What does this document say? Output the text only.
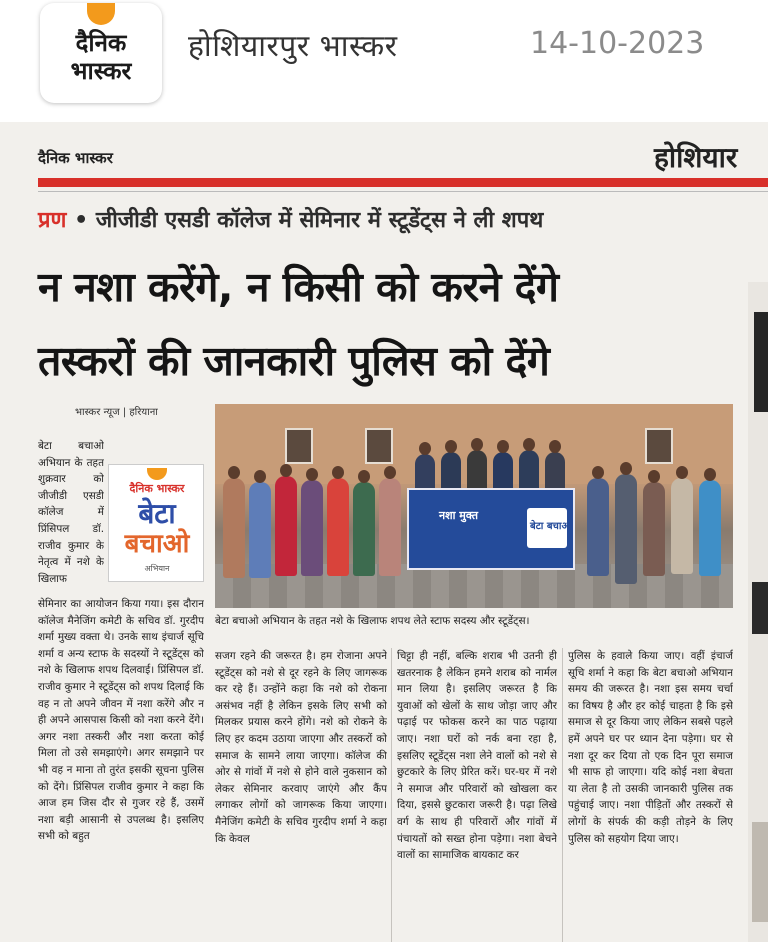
दैनिक
भास्कर
होशियारपुर भास्कर	14-10-2023
दैनिक भास्कर	होशियार
प्रण • जीजीडी एसडी कॉलेज में सेमिनार में स्टूडेंट्स ने ली शपथ
न नशा करेंगे, न किसी को करने देंगे
तस्करों की जानकारी पुलिस को देंगे
भास्कर न्यूज | हरियाना

बेटा बचाओ अभियान के तहत शुक्रवार को जीजीडी एसडी कॉलेज में प्रिंसिपल डॉ. राजीव कुमार के नेतृत्व में नशे के खिलाफ

दैनिक भास्कर
बेटा
बचाओ
अभियान

सेमिनार का आयोजन किया गया। इस दौरान कॉलेज मैनेजिंग कमेटी के सचिव डॉ. गुरदीप शर्मा मुख्य वक्ता थे। उनके साथ इंचार्ज सूचि शर्मा व अन्य स्टाफ के सदस्यों ने स्टूडेंट्स को नशे के खिलाफ शपथ दिलवाई। प्रिंसिपल डॉ. राजीव कुमार ने स्टूडेंट्स को शपथ दिलाई कि वह न तो अपने जीवन में नशा करेंगे और न ही अपने आसपास किसी को नशा करने देंगे। अगर नशा तस्करी और नशा करता कोई मिला तो उसे समझाएंगे। अगर समझाने पर भी वह न माना तो तुरंत इसकी सूचना पुलिस को देंगे। प्रिंसिपल राजीव कुमार ने कहा कि आज हम जिस दौर से गुजर रहे हैं, उसमें नशा बड़ी आसानी से उपलब्ध है। इसलिए सभी को बहुत

नशा मुक्त
बेटा बचाओ
बेटा बचाओ अभियान के तहत नशे के खिलाफ शपथ लेते स्टाफ सदस्य और स्टूडेंट्स।

सजग रहने की जरूरत है। हम रोजाना अपने स्टूडेंट्स को नशे से दूर रहने के लिए जागरूक कर रहे हैं। उन्होंने कहा कि नशे को रोकना असंभव नहीं है लेकिन इसके लिए सभी को मिलकर प्रयास करने होंगे। नशे को रोकने के लिए हर कदम उठाया जाएगा और तस्करों को समाज के सामने लाया जाएगा। कॉलेज की ओर से गांवों में नशे से होने वाले नुकसान को लेकर सेमिनार करवाए जाएंगे और कैंप लगाकर लोगों को जागरूक किया जाएगा। मैनेजिंग कमेटी के सचिव गुरदीप शर्मा ने कहा कि केवल

चिट्टा ही नहीं, बल्कि शराब भी उतनी ही खतरनाक है लेकिन हमने शराब को नार्मल मान लिया है। इसलिए जरूरत है कि युवाओं को खेलों के साथ जोड़ा जाए और पढ़ाई पर फोकस करने का पाठ पढ़ाया जाए। नशा घरों को नर्क बना रहा है, इसलिए स्टूडेंट्स नशा लेने वालों को नशे से छुटकारे के लिए प्रेरित करें। घर-घर में नशे ने समाज और परिवारों को खोखला कर दिया, इससे छुटकारा जरूरी है। पढ़ा लिखे वर्ग के साथ ही परिवारों और गांवों में पंचायतों को सख्त होना पड़ेगा। नशा बेचने वालों का सामाजिक बायकाट कर

पुलिस के हवाले किया जाए। वहीं इंचार्ज सूचि शर्मा ने कहा कि बेटा बचाओ अभियान समय की जरूरत है। नशा इस समय चर्चा का विषय है और हर कोई चाहता है कि इसे समाज से दूर किया जाए लेकिन सबसे पहले हमें अपने घर पर ध्यान देना पड़ेगा। घर से नशा दूर कर दिया तो एक दिन पूरा समाज भी साफ हो जाएगा। यदि कोई नशा बेचता या लेता है तो उसकी जानकारी पुलिस तक पहुंचाई जाए। नशा पीड़ितों और तस्करों से लोगों के संपर्क की कड़ी तोड़ने के लिए पुलिस को सहयोग दिया जाए।
